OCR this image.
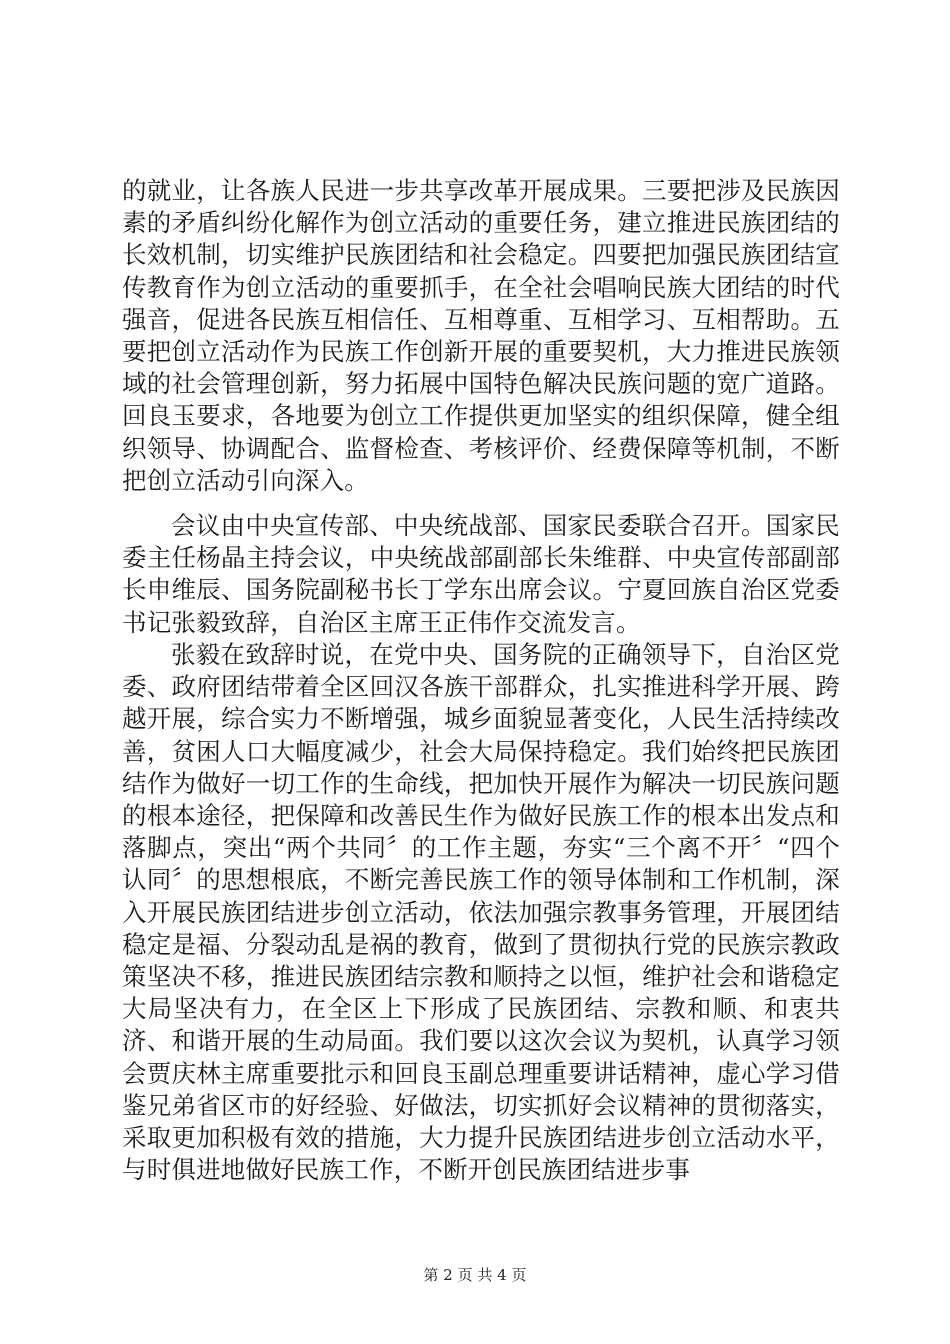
的就业，让各族人民进一步共享改革开展成果。三要把涉及民族因素的矛盾纠纷化解作为创立活动的重要任务，建立推进民族团结的长效机制，切实维护民族团结和社会稳定。四要把加强民族团结宣传教育作为创立活动的重要抓手，在全社会唱响民族大团结的时代强音，促进各民族互相信任、互相尊重、互相学习、互相帮助。五要把创立活动作为民族工作创新开展的重要契机，大力推进民族领域的社会管理创新，努力拓展中国特色解决民族问题的宽广道路。回良玉要求，各地要为创立工作提供更加坚实的组织保障，健全组织领导、协调配合、监督检查、考核评价、经费保障等机制，不断把创立活动引向深入。

会议由中央宣传部、中央统战部、国家民委联合召开。国家民委主任杨晶主持会议，中央统战部副部长朱维群、中央宣传部副部长申维辰、国务院副秘书长丁学东出席会议。宁夏回族自治区党委书记张毅致辞，自治区主席王正伟作交流发言。

张毅在致辞时说，在党中央、国务院的正确领导下，自治区党委、政府团结带着全区回汉各族干部群众，扎实推进科学开展、跨越开展，综合实力不断增强，城乡面貌显著变化，人民生活持续改善，贫困人口大幅度减少，社会大局保持稳定。我们始终把民族团结作为做好一切工作的生命线，把加快开展作为解决一切民族问题的根本途径，把保障和改善民生作为做好民族工作的根本出发点和落脚点，突出“两个共同〞的工作主题，夯实“三个离不开〞“四个认同〞的思想根底，不断完善民族工作的领导体制和工作机制，深入开展民族团结进步创立活动，依法加强宗教事务管理，开展团结稳定是福、分裂动乱是祸的教育，做到了贯彻执行党的民族宗教政策坚决不移，推进民族团结宗教和顺持之以恒，维护社会和谐稳定大局坚决有力，在全区上下形成了民族团结、宗教和顺、和衷共济、和谐开展的生动局面。我们要以这次会议为契机，认真学习领会贾庆林主席重要批示和回良玉副总理重要讲话精神，虚心学习借鉴兄弟省区市的好经验、好做法，切实抓好会议精神的贯彻落实，采取更加积极有效的措施，大力提升民族团结进步创立活动水平，与时俱进地做好民族工作，不断开创民族团结进步事

第 2 页 共 4 页
